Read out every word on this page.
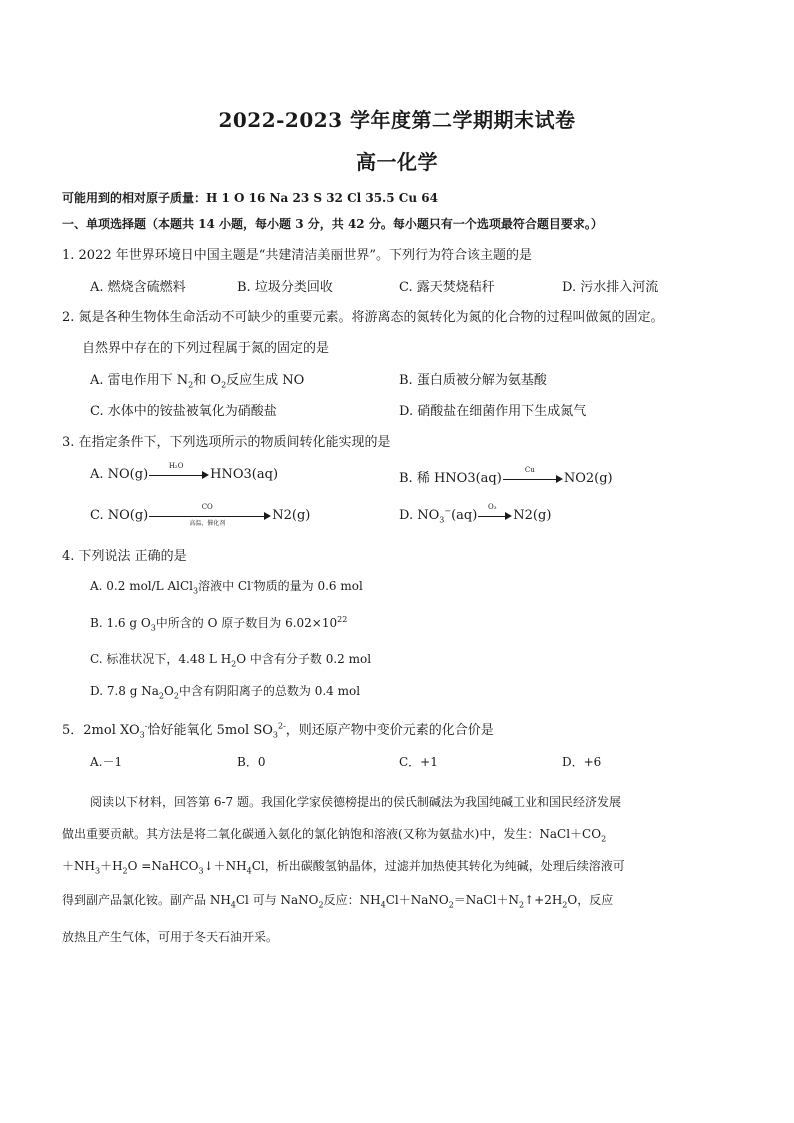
2022-2023 学年度第二学期期末试卷
高一化学
可能用到的相对原子质量：H 1 O 16 Na 23 S 32 Cl 35.5 Cu 64
一、单项选择题（本题共 14 小题，每小题 3 分，共 42 分。每小题只有一个选项最符合题目要求。）
1. 2022 年世界环境日中国主题是“共建清洁美丽世界”。下列行为符合该主题的是
A. 燃烧含硫燃料	B. 垃圾分类回收	C. 露天焚烧秸秆	D. 污水排入河流
2. 氮是各种生物体生命活动不可缺少的重要元素。将游离态的氮转化为氮的化合物的过程叫做氮的固定。
自然界中存在的下列过程属于氮的固定的是
A. 雷电作用下 $N_2$和 $O_2$反应生成 NO	B. 蛋白质被分解为氨基酸
C. 水体中的铵盐被氧化为硝酸盐	D. 硝酸盐在细菌作用下生成氮气
3. 在指定条件下，下列选项所示的物质间转化能实现的是
A. NO(g)
H₂O
HNO3(aq)	B. 稀 HNO3(aq)
Cu
NO2(g)
C. NO(g)
CO
高温，催化剂	N2(g)	D. $NO_3^-(aq)$
O₃
N2(g)
4. 下列说法 正确的是
A. 0.2 mol/L AlCl$_3$溶液中 Cl-物质的量为 0.6 mol
B. 1.6 g $O_3$中所含的 O 原子数目为 $6.02\times 10^{22}$
C. 标准状况下，4.48 L $H_2O$ 中含有分子数 0.2 mol
D. 7.8 g $Na_2O_2$中含有阴阳离子的总数为 0.4 mol
5．2mol $XO_3^-$恰好能氧化 5mol $SO_3^{2-}$，则还原产物中变价元素的化合价是
A.－1	B．0	C．+1	D．+6
阅读以下材料，回答第 6-7 题。我国化学家侯德榜提出的侯氏制碱法为我国纯碱工业和国民经济发展
做出重要贡献。其方法是将二氧化碳通入氨化的氯化钠饱和溶液(又称为氨盐水)中，发生：$NaCl+CO_2$
$+NH_3+H_2O$ $=NaHCO_3↓+NH_4Cl$，析出碳酸氢钠晶体，过滤并加热使其转化为纯碱，处理后续溶液可
得到副产品氯化铵。副产品 $NH_4Cl$ 可与 NaNO$_2$反应：$NH_4Cl+NaNO_2=NaCl+N_2↑+2H_2O$，反应
放热且产生气体，可用于冬天石油开采。
